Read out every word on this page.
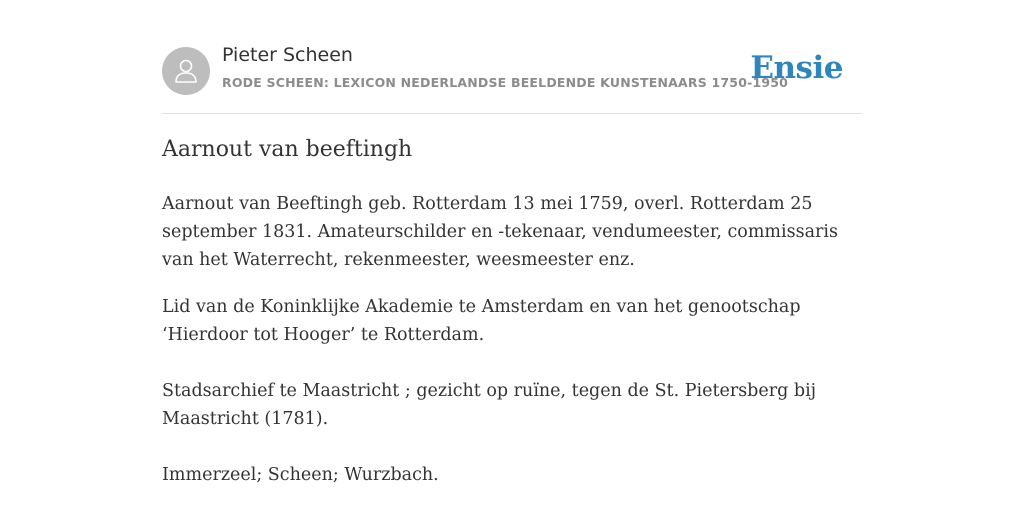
Pieter Scheen
RODE SCHEEN: LEXICON NEDERLANDSE BEELDENDE KUNSTENAARS 1750-1950
Ensie
Aarnout van beeftingh

Aarnout van Beeftingh geb. Rotterdam 13 mei 1759, overl. Rotterdam 25 september 1831. Amateurschilder en -tekenaar, vendumeester, commissaris van het Waterrecht, rekenmeester, weesmeester enz.

Lid van de Koninklijke Akademie te Amsterdam en van het genootschap ‘Hierdoor tot Hooger’ te Rotterdam.

Stadsarchief te Maastricht ; gezicht op ruïne, tegen de St. Pietersberg bij Maastricht (1781).

Immerzeel; Scheen; Wurzbach.
